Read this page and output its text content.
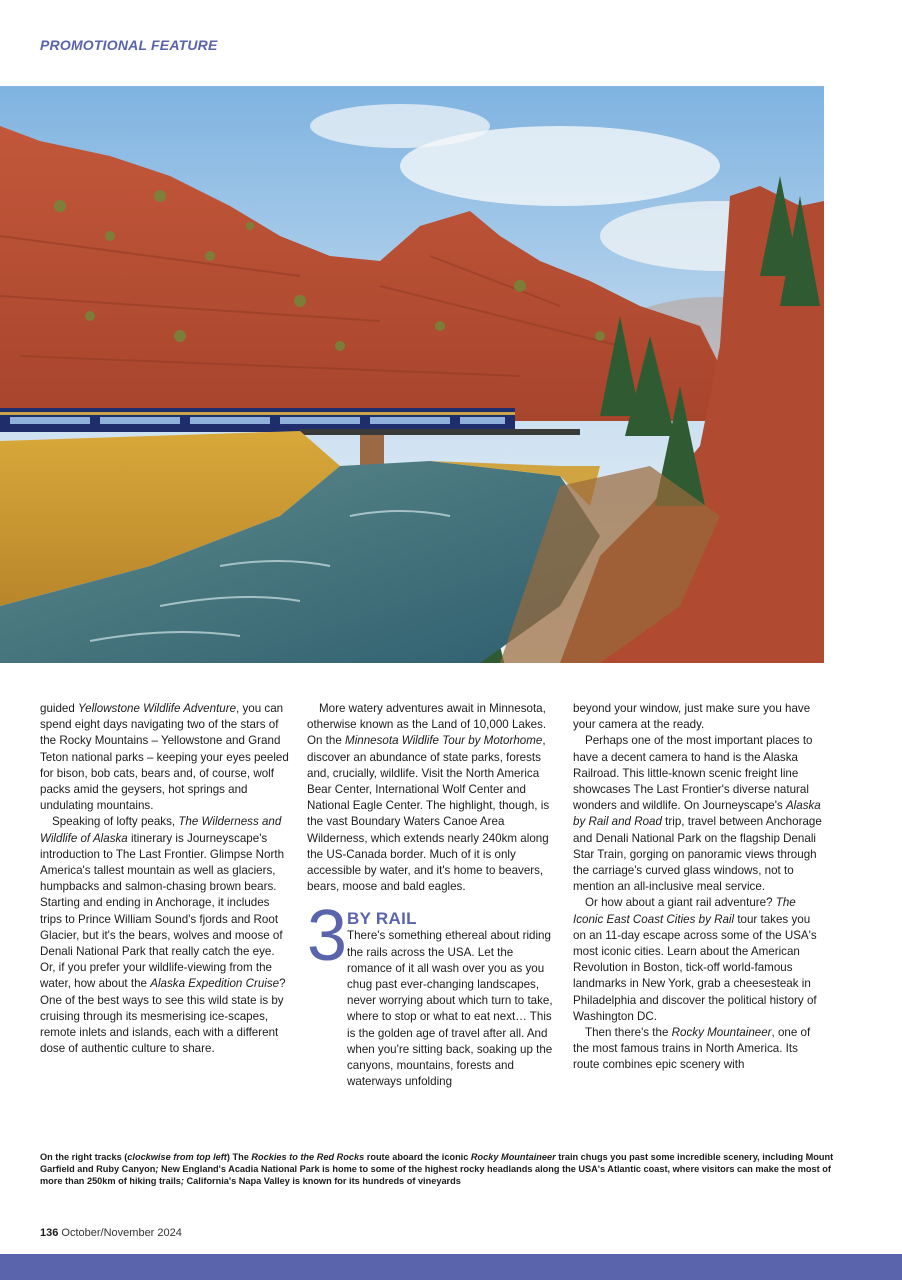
PROMOTIONAL FEATURE

guided Yellowstone Wildlife Adventure, you can spend eight days navigating two of the stars of the Rocky Mountains – Yellowstone and Grand Teton national parks – keeping your eyes peeled for bison, bob cats, bears and, of course, wolf packs amid the geysers, hot springs and undulating mountains.

Speaking of lofty peaks, The Wilderness and Wildlife of Alaska itinerary is Journeyscape's introduction to The Last Frontier. Glimpse North America's tallest mountain as well as glaciers, humpbacks and salmon-chasing brown bears. Starting and ending in Anchorage, it includes trips to Prince William Sound's fjords and Root Glacier, but it's the bears, wolves and moose of Denali National Park that really catch the eye. Or, if you prefer your wildlife-viewing from the water, how about the Alaska Expedition Cruise? One of the best ways to see this wild state is by cruising through its mesmerising ice-scapes, remote inlets and islands, each with a different dose of authentic culture to share.

More watery adventures await in Minnesota, otherwise known as the Land of 10,000 Lakes. On the Minnesota Wildlife Tour by Motorhome, discover an abundance of state parks, forests and, crucially, wildlife. Visit the North America Bear Center, International Wolf Center and National Eagle Center. The highlight, though, is the vast Boundary Waters Canoe Area Wilderness, which extends nearly 240km along the US-Canada border. Much of it is only accessible by water, and it's home to beavers, bears, moose and bald eagles.

3 BY RAIL
There's something ethereal about riding the rails across the USA. Let the romance of it all wash over you as you chug past ever-changing landscapes, never worrying about which turn to take, where to stop or what to eat next… This is the golden age of travel after all. And when you're sitting back, soaking up the canyons, mountains, forests and waterways unfolding

beyond your window, just make sure you have your camera at the ready.

Perhaps one of the most important places to have a decent camera to hand is the Alaska Railroad. This little-known scenic freight line showcases The Last Frontier's diverse natural wonders and wildlife. On Journeyscape's Alaska by Rail and Road trip, travel between Anchorage and Denali National Park on the flagship Denali Star Train, gorging on panoramic views through the carriage's curved glass windows, not to mention an all-inclusive meal service.

Or how about a giant rail adventure? The Iconic East Coast Cities by Rail tour takes you on an 11-day escape across some of the USA's most iconic cities. Learn about the American Revolution in Boston, tick-off world-famous landmarks in New York, grab a cheesesteak in Philadelphia and discover the political history of Washington DC.

Then there's the Rocky Mountaineer, one of the most famous trains in North America. Its route combines epic scenery with

On the right tracks (clockwise from top left) The Rockies to the Red Rocks route aboard the iconic Rocky Mountaineer train chugs you past some incredible scenery, including Mount Garfield and Ruby Canyon; New England's Acadia National Park is home to some of the highest rocky headlands along the USA's Atlantic coast, where visitors can make the most of more than 250km of hiking trails; California's Napa Valley is known for its hundreds of vineyards
136 October/November 2024
